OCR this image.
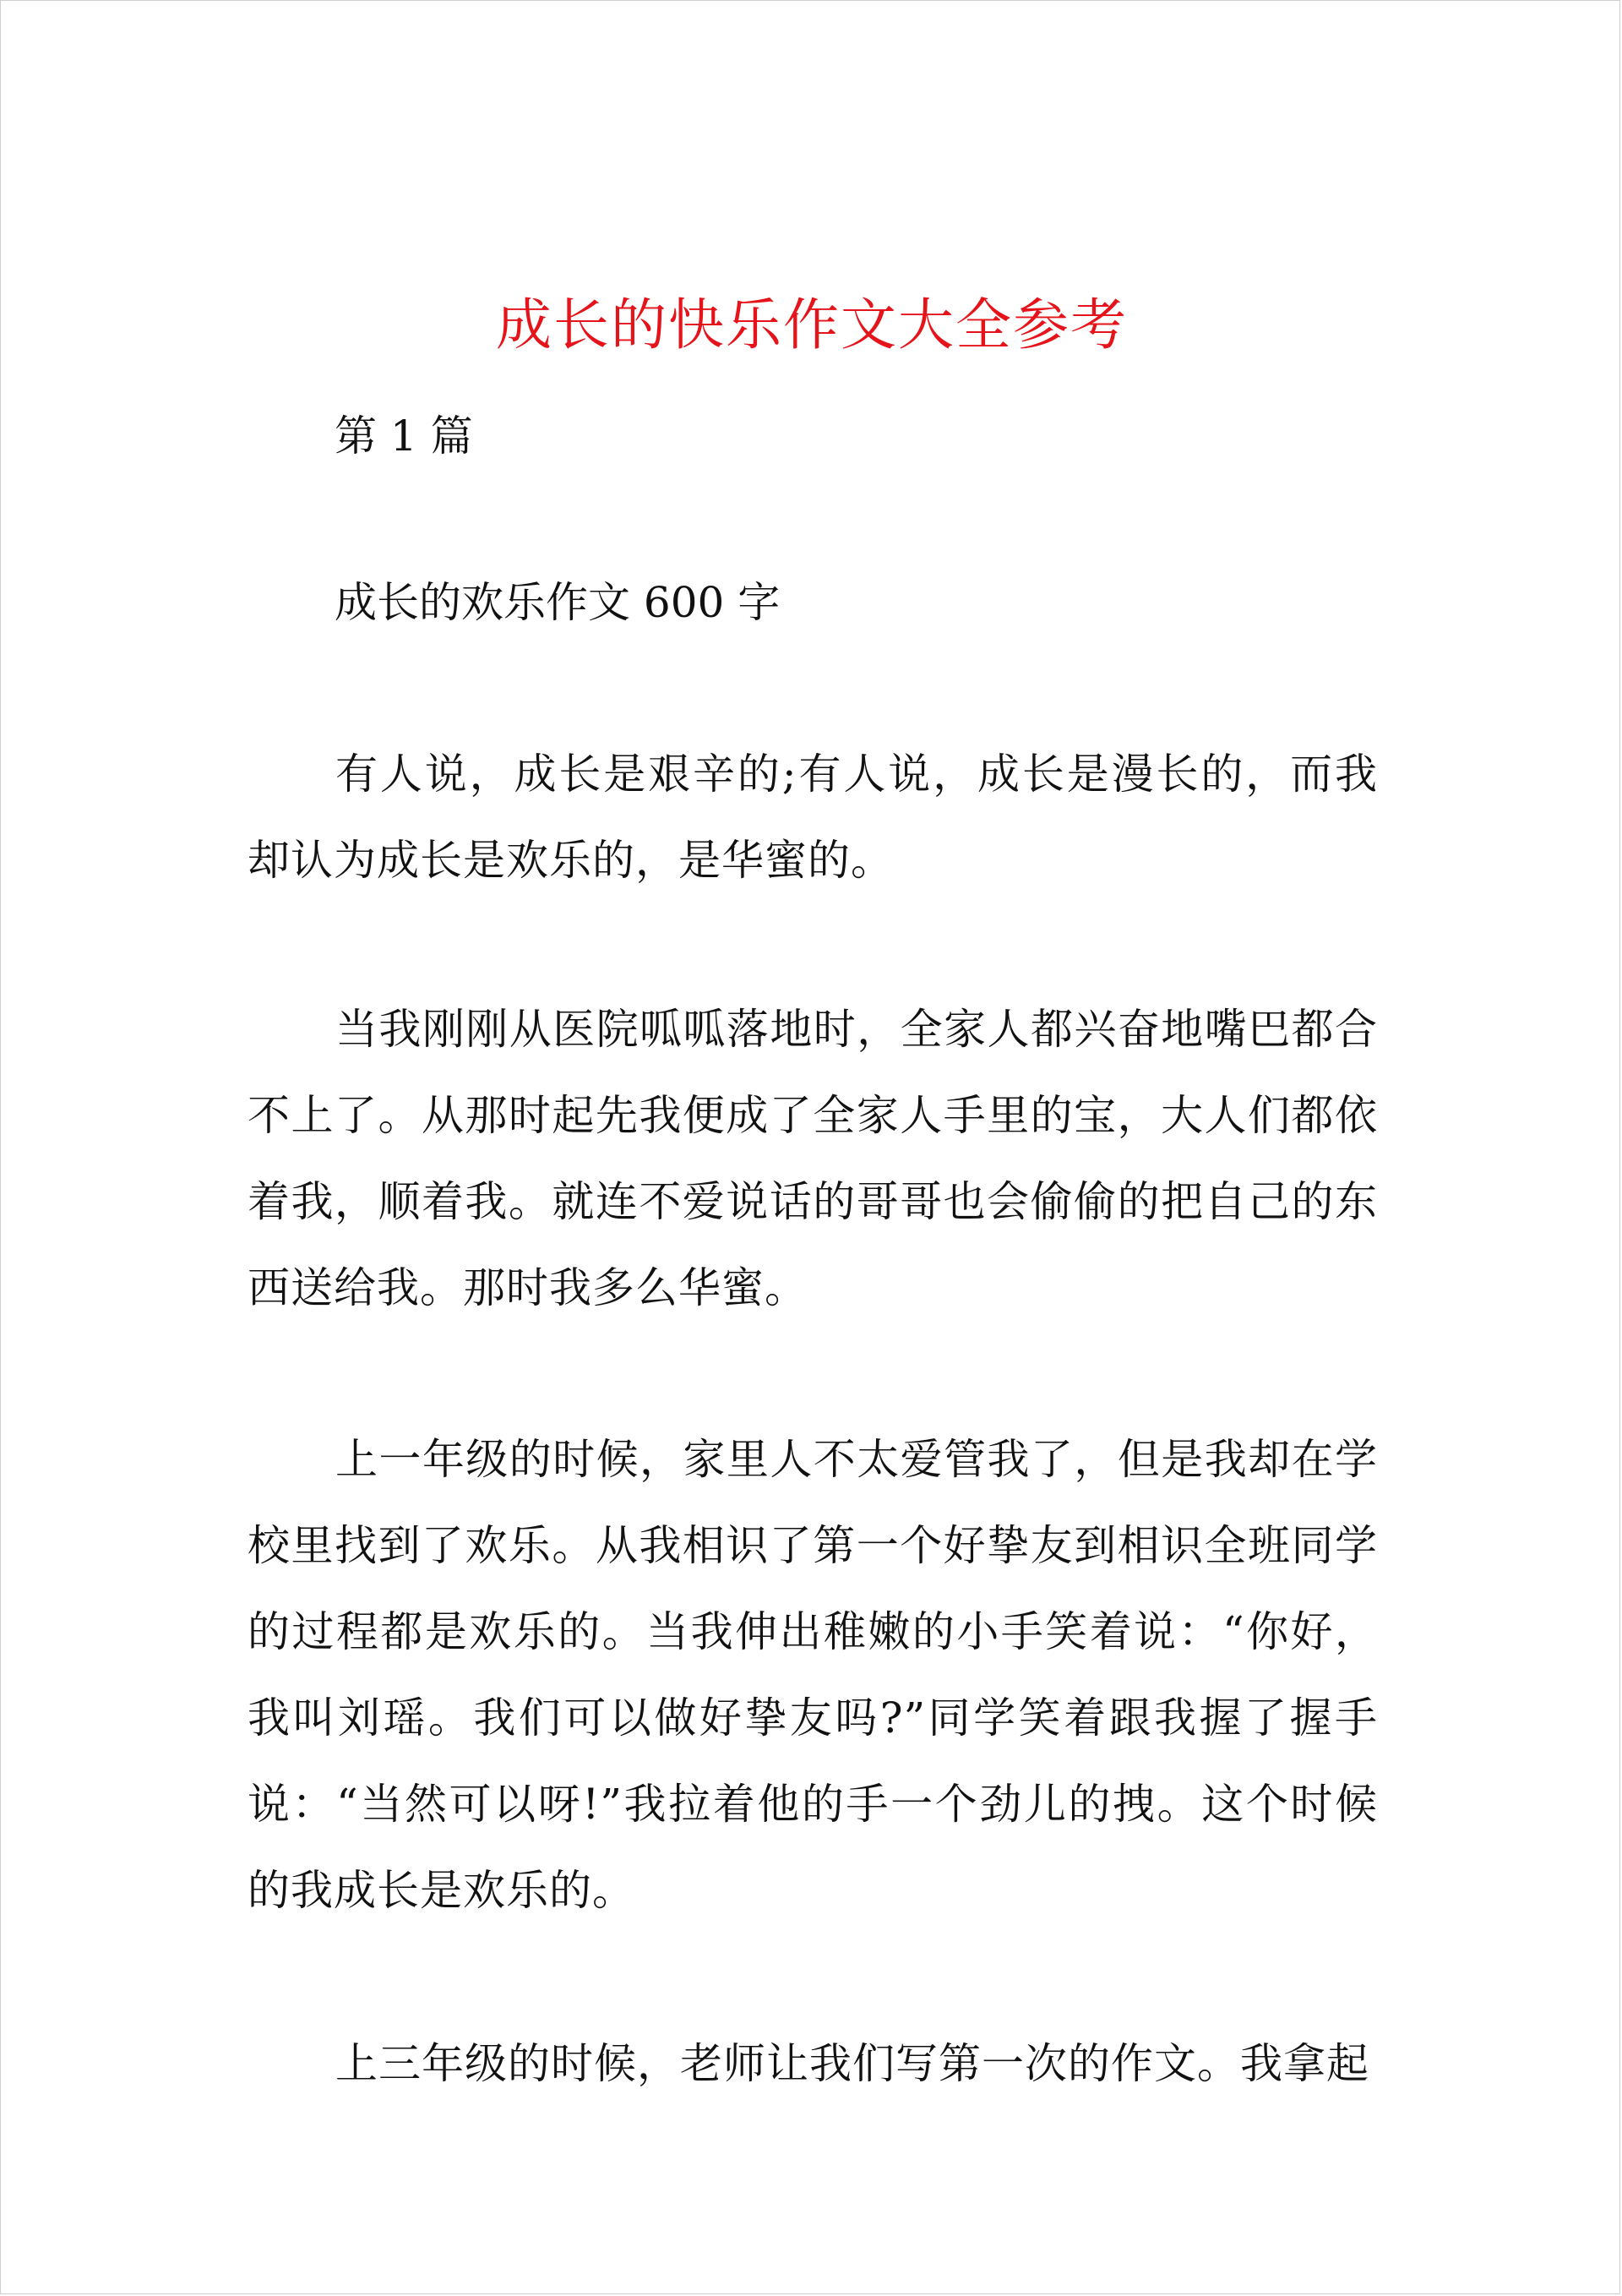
成长的快乐作文大全参考
第 1 篇
成长的欢乐作文 600 字

有人说，成长是艰辛的;有人说，成长是漫长的，而我却认为成长是欢乐的，是华蜜的。

当我刚刚从医院呱呱落地时，全家人都兴奋地嘴巴都合不上了。从那时起先我便成了全家人手里的宝，大人们都依着我，顺着我。就连不爱说话的哥哥也会偷偷的把自己的东西送给我。那时我多么华蜜。

上一年级的时候，家里人不太爱管我了，但是我却在学校里找到了欢乐。从我相识了第一个好挚友到相识全班同学的过程都是欢乐的。当我伸出稚嫩的小手笑着说：“你好，我叫刘瑶。我们可以做好挚友吗?”同学笑着跟我握了握手说：“当然可以呀!”我拉着他的手一个劲儿的拽。这个时候的我成长是欢乐的。

上三年级的时候，老师让我们写第一次的作文。我拿起
